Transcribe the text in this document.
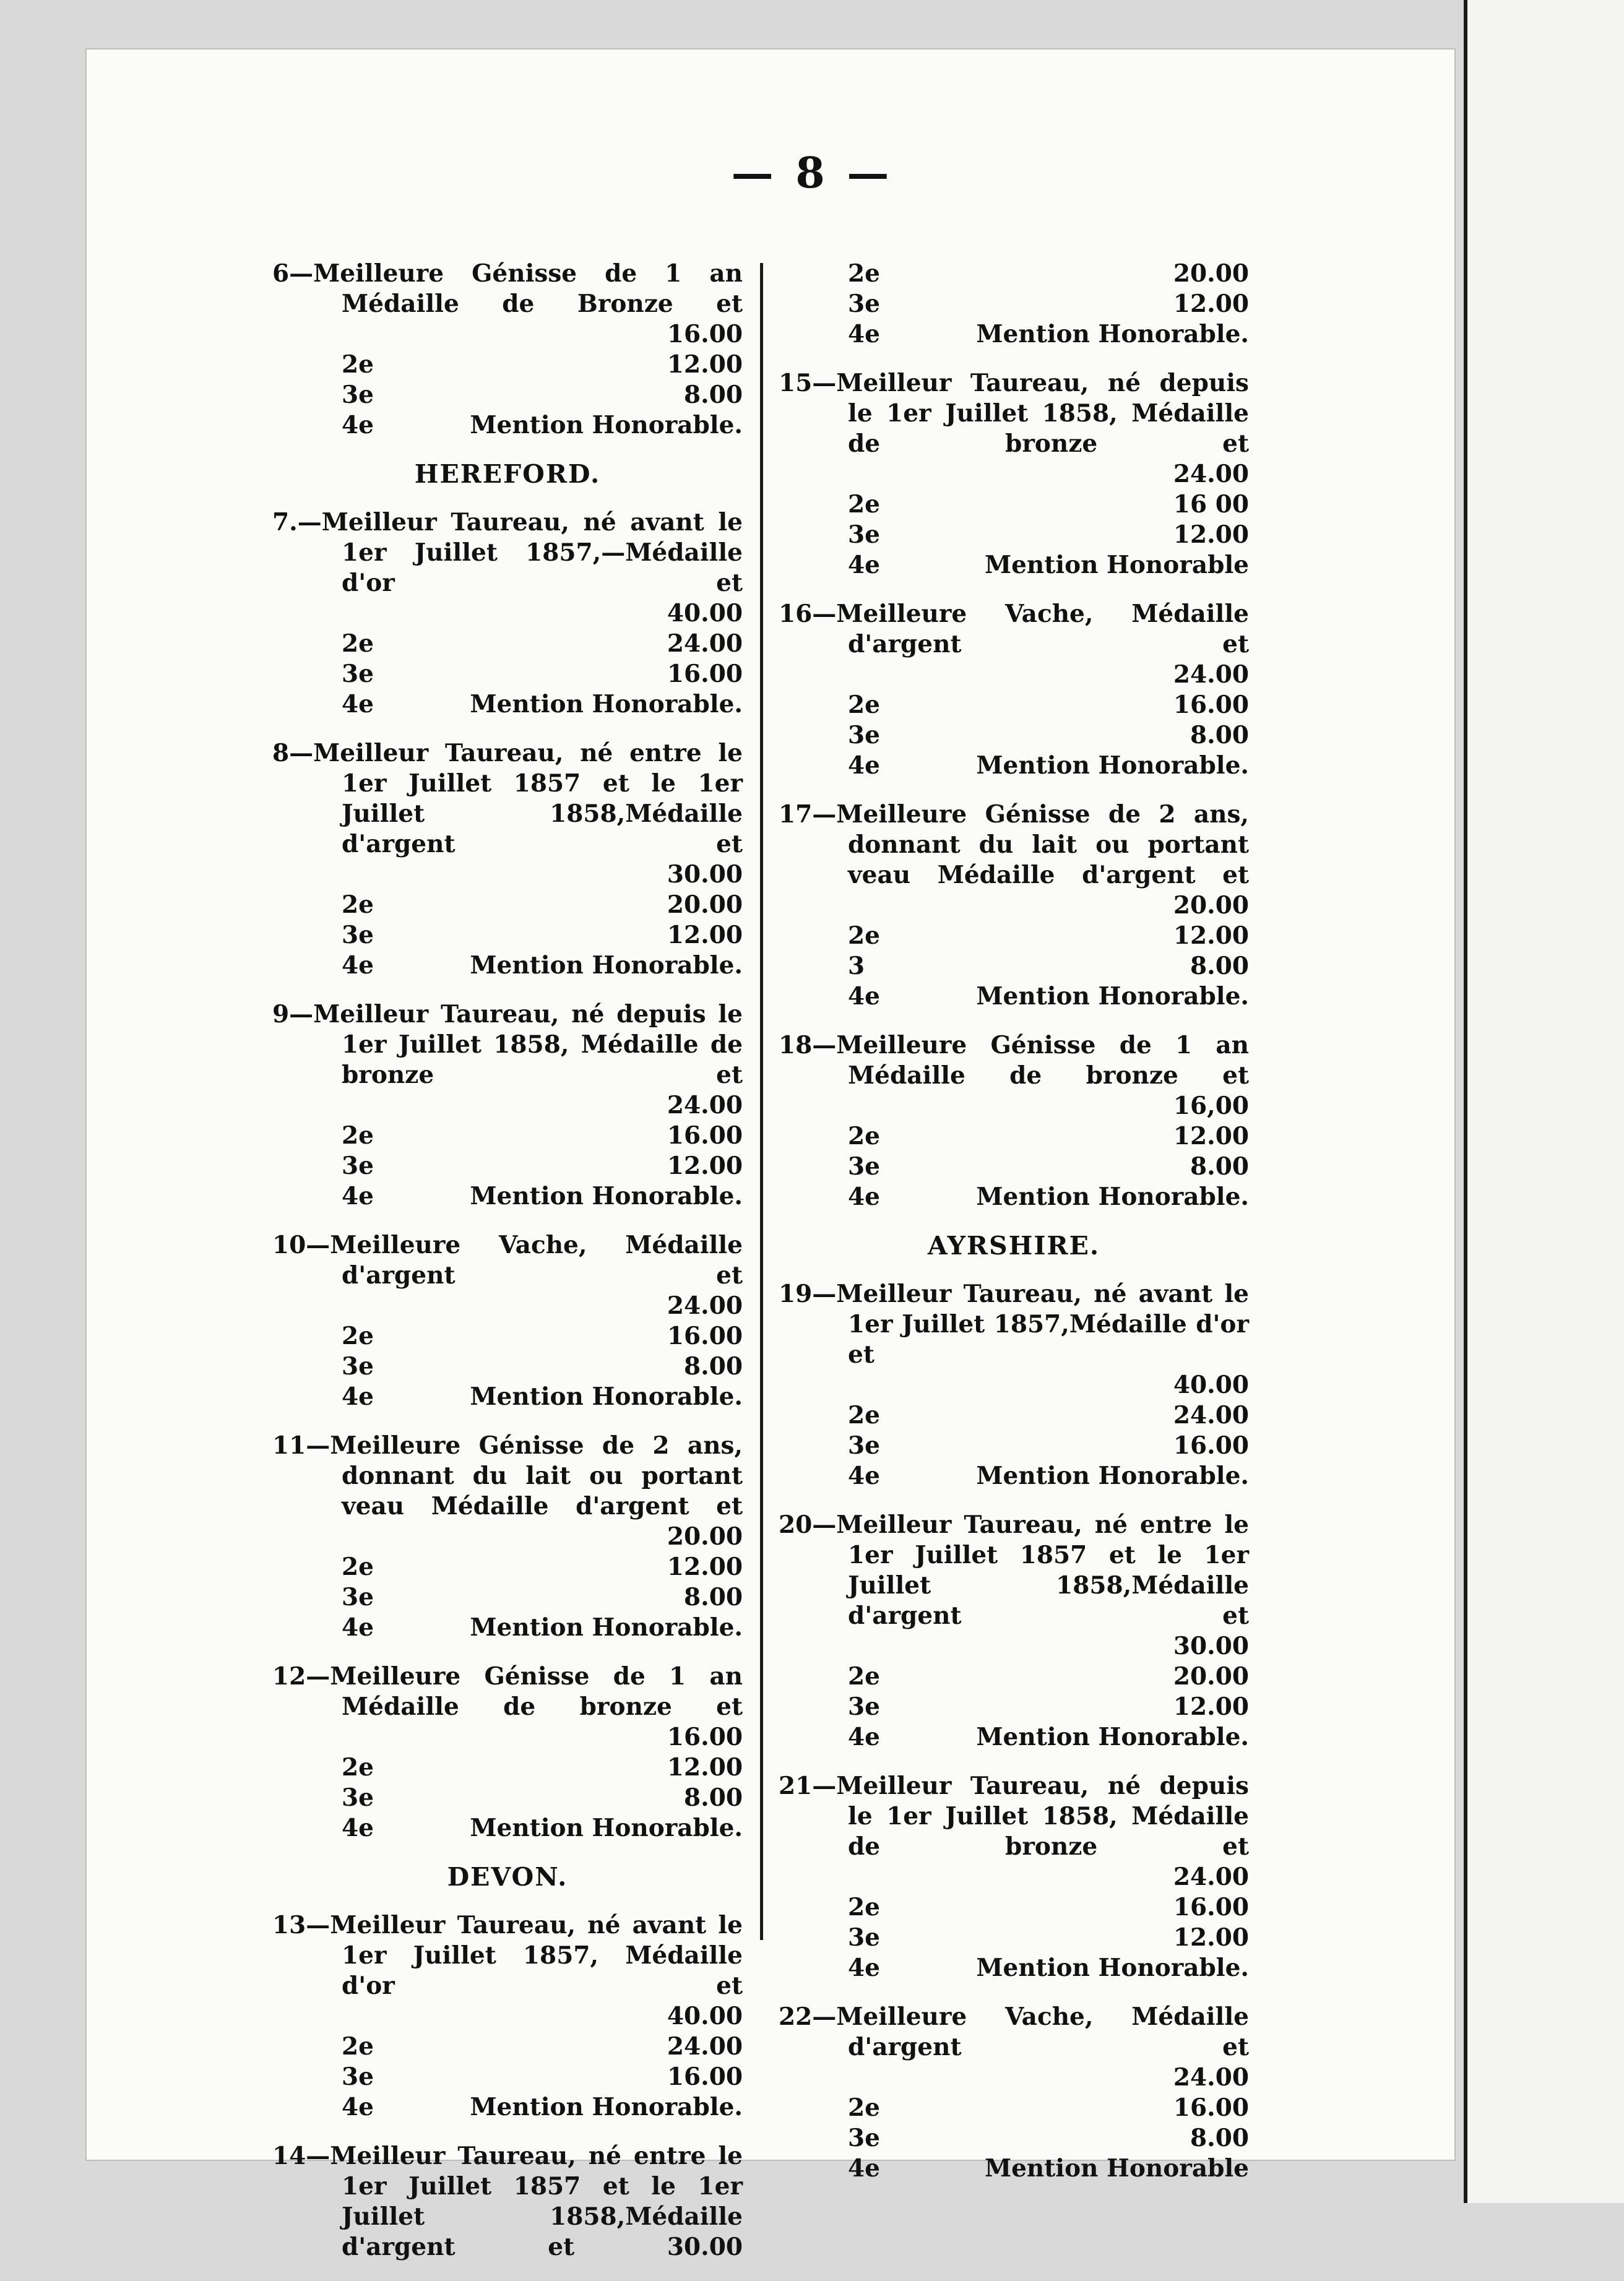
— 8 —
6—Meilleure Génisse de 1 an Médaille de Bronze et
16.00
2e	12.00
3e	8.00
4e	Mention Honorable.
HEREFORD.
7.—Meilleur Taureau, né avant le 1er Juillet 1857,—Médaille d'or et
40.00
2e	24.00
3e	16.00
4e	Mention Honorable.
8—Meilleur Taureau, né entre le 1er Juillet 1857 et le 1er Juillet 1858,Médaille d'argent et
30.00
2e	20.00
3e	12.00
4e	Mention Honorable.
9—Meilleur Taureau, né depuis le 1er Juillet 1858, Médaille de bronze et
24.00
2e	16.00
3e	12.00
4e	Mention Honorable.
10—Meilleure Vache, Médaille d'argent et
24.00
2e	16.00
3e	8.00
4e	Mention Honorable.
11—Meilleure Génisse de 2 ans, donnant du lait ou portant veau Médaille d'argent et
20.00
2e	12.00
3e	8.00
4e	Mention Honorable.
12—Meilleure Génisse de 1 an Médaille de bronze et
16.00
2e	12.00
3e	8.00
4e	Mention Honorable.
DEVON.
13—Meilleur Taureau, né avant le 1er Juillet 1857, Médaille d'or et
40.00
2e	24.00
3e	16.00
4e	Mention Honorable.
14—Meilleur Taureau, né entre le 1er Juillet 1857 et le 1er Juillet 1858,Médaille d'argent et 30.00
2e	20.00
3e	12.00
4e	Mention Honorable.
15—Meilleur Taureau, né depuis le 1er Juillet 1858, Médaille de bronze et
24.00
2e	16 00
3e	12.00
4e	Mention Honorable
16—Meilleure Vache, Médaille d'argent et
24.00
2e	16.00
3e	8.00
4e	Mention Honorable.
17—Meilleure Génisse de 2 ans, donnant du lait ou portant veau Médaille d'argent et
20.00
2e	12.00
3	8.00
4e	Mention Honorable.
18—Meilleure Génisse de 1 an Médaille de bronze et
16,00
2e	12.00
3e	8.00
4e	Mention Honorable.
AYRSHIRE.
19—Meilleur Taureau, né avant le 1er Juillet 1857,Médaille d'or et
40.00
2e	24.00
3e	16.00
4e	Mention Honorable.
20—Meilleur Taureau, né entre le 1er Juillet 1857 et le 1er Juillet 1858,Médaille d'argent et
30.00
2e	20.00
3e	12.00
4e	Mention Honorable.
21—Meilleur Taureau, né depuis le 1er Juillet 1858, Médaille de bronze et
24.00
2e	16.00
3e	12.00
4e	Mention Honorable.
22—Meilleure Vache, Médaille d'argent et
24.00
2e	16.00
3e	8.00
4e	Mention Honorable
